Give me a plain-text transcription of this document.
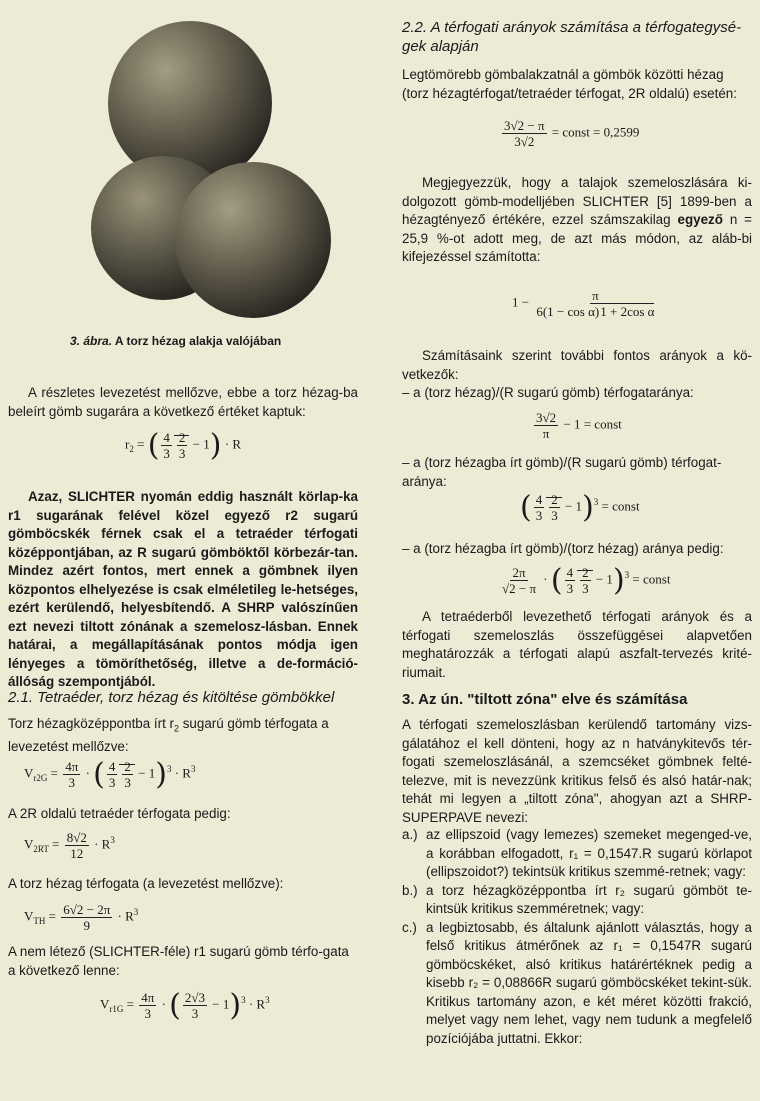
3. ábra. A torz hézag alakja valójában

A részletes levezetést mellőzve, ebbe a torz hézag-ba beleírt gömb sugarára a következő értéket kaptuk:

$r_2$ = ( $\frac{4}{3} \frac{2}{3} - 1) \cdot R$

Azaz, SLICHTER nyomán eddig használt körlap-ka r1 sugarának felével közel egyező r2 sugarú gömböcskék férnek csak el a tetraéder térfogati középpontjában, az R sugarú gömböktől körbezár-tan. Mindez azért fontos, mert ennek a gömbnek ilyen központos elhelyezése is csak elméletileg le-hetséges, ezért kerülendő, helyesbítendő. A SHRP valószínűen ezt nevezi tiltott zónának a szemelosz-lásban. Ennek határai, a megállapításának pontos módja igen lényeges a tömöríthetőség, illetve a de-formáció-állóság szempontjából.

2.1. Tetraéder, torz hézag és kitöltése gömbökkel

Torz hézagközéppontba írt $r_2$ sugarú gömb térfogata a levezetést mellőzve:

$V_{r2G} = \frac{4\pi}{3}$ · ( $\frac{4}{3} \frac{2}{3} - 1)^3 \cdot R^3$

A 2R oldalú tetraéder térfogata pedig:

$V_{2RT} = \frac{8√2}{12} \cdot R^3$

A torz hézag térfogata (a levezetést mellőzve):

$V_{TH} = \frac{6√2 - 2\pi}{9} \cdot R^3$

A nem létező (SLICHTER-féle) r1 sugarú gömb térfo-gata a következő lenne:

$V_{r1G} = \frac{4\pi}{3}$ · ( $\frac{2√3}{3} - 1)^3 \cdot R^3$

2.2. A térfogati arányok számítása a térfogategysé-gek alapján

Legtömörebb gömbalakzatnál a gömbök közötti hézag (torz hézagtérfogat/tetraéder térfogat, 2R oldalú) esetén:

$\frac{3√2 - \pi}{3√2}$ = const = 0,2599

Megjegyezzük, hogy a talajok szemeloszlására ki-dolgozott gömb-modelljében SLICHTER [5] 1899-ben a hézagtényező értékére, ezzel számszakilag egyező n = 25,9 %-ot adott meg, de azt más módon, az aláb-bi kifejezéssel számította:

$1 - \frac{\pi}{\text{6(1 − cos α)1 + 2cos α}}$

Számításaink szerint további fontos arányok a kö-vetkezők:

– a (torz hézag)/(R sugarú gömb) térfogataránya:

$\frac{3√2}{\pi} - 1$ = const

– a (torz hézagba írt gömb)/(R sugarú gömb) térfogat-aránya:

( $\frac{4}{3} \frac{2}{3} - 1)^3$ = const

– a (torz hézagba írt gömb)/(torz hézag) aránya pedig:

$\frac{2\pi}{√2 - \pi}$ · ( $\frac{4}{3} \frac{2}{3} - 1)^3$ = const

A tetraéderből levezethető térfogati arányok és a térfogati szemeloszlás összefüggései alapvetően meghatározzák a térfogati alapú aszfalt-tervezés krité-riumait.

3. Az ún. "tiltott zóna" elve és számítása

A térfogati szemeloszlásban kerülendő tartomány vizs-gálatához el kell dönteni, hogy az n hatványkitevős tér-fogati szemeloszlásánál, a szemcséket gömbnek felté-telezve, mit is nevezzünk kritikus felső és alsó határ-nak; tehát mi legyen a „tiltott zóna", ahogyan azt a SHRP-SUPERPAVE nevezi:

a.) az ellipszoid (vagy lemezes) szemeket megenged-ve, a korábban elfogadott, r₁ = 0,1547.R sugarú körlapot (ellipszoidot?) tekintsük kritikus szemmé-retnek; vagy:
b.) a torz hézagközéppontba írt r₂ sugarú gömböt te-kintsük kritikus szemméretnek; vagy:
c.) a legbiztosabb, és általunk ajánlott választás, hogy a felső kritikus átmérőnek az r₁ = 0,1547R sugarú gömböcskéket, alsó kritikus határértéknek pedig a kisebb r₂ = 0,08866R sugarú gömböcskéket tekint-sük. Kritikus tartomány azon, e két méret közötti frakció, melyet vagy nem lehet, vagy nem tudunk a megfelelő pozíciójába juttatni. Ekkor:
